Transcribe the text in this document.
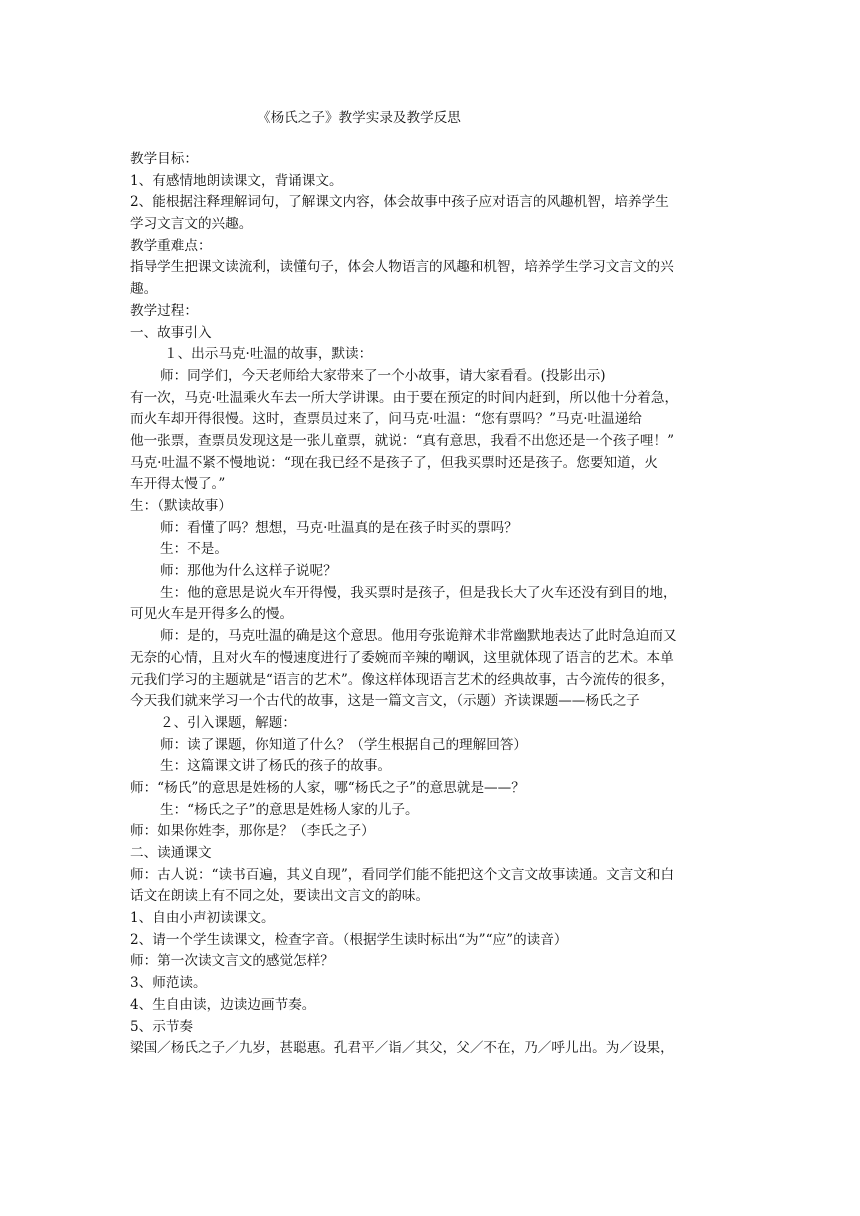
《杨氏之子》教学实录及教学反思
教学目标：
1、有感情地朗读课文，背诵课文。
2、能根据注释理解词句，了解课文内容，体会故事中孩子应对语言的风趣机智，培养学生
学习文言文的兴趣。
教学重难点：
指导学生把课文读流利，读懂句子，体会人物语言的风趣和机智，培养学生学习文言文的兴
趣。
教学过程：
一、故事引入
１、出示马克·吐温的故事，默读：
师：同学们，今天老师给大家带来了一个小故事，请大家看看。(投影出示)
有一次，马克·吐温乘火车去一所大学讲课。由于要在预定的时间内赶到，所以他十分着急，
而火车却开得很慢。这时，查票员过来了，问马克·吐温：“您有票吗？”马克·吐温递给
他一张票，查票员发现这是一张儿童票，就说：“真有意思，我看不出您还是一个孩子哩！”
马克·吐温不紧不慢地说：“现在我已经不是孩子了，但我买票时还是孩子。您要知道，火
车开得太慢了。”
生：（默读故事）
师：看懂了吗？想想，马克·吐温真的是在孩子时买的票吗？
生：不是。
师：那他为什么这样子说呢？
生：他的意思是说火车开得慢，我买票时是孩子，但是我长大了火车还没有到目的地，
可见火车是开得多么的慢。
师：是的，马克吐温的确是这个意思。他用夸张诡辩术非常幽默地表达了此时急迫而又
无奈的心情，且对火车的慢速度进行了委婉而辛辣的嘲讽，这里就体现了语言的艺术。本单
元我们学习的主题就是“语言的艺术”。像这样体现语言艺术的经典故事，古今流传的很多，
今天我们就来学习一个古代的故事，这是一篇文言文，（示题）齐读课题——杨氏之子
２、引入课题，解题：
师：读了课题，你知道了什么？（学生根据自己的理解回答）
生：这篇课文讲了杨氏的孩子的故事。
师：“杨氏”的意思是姓杨的人家，哪“杨氏之子”的意思就是——？
生：“杨氏之子”的意思是姓杨人家的儿子。
师：如果你姓李，那你是？（李氏之子）
二、读通课文
师：古人说：“读书百遍，其义自现”，看同学们能不能把这个文言文故事读通。文言文和白
话文在朗读上有不同之处，要读出文言文的韵味。
1、自由小声初读课文。
2、请一个学生读课文，检查字音。（根据学生读时标出“为”“应”的读音）
师：第一次读文言文的感觉怎样？
3、师范读。
4、生自由读，边读边画节奏。
5、示节奏
梁国／杨氏之子／九岁，甚聪惠。孔君平／诣／其父，父／不在，乃／呼儿出。为／设果，
